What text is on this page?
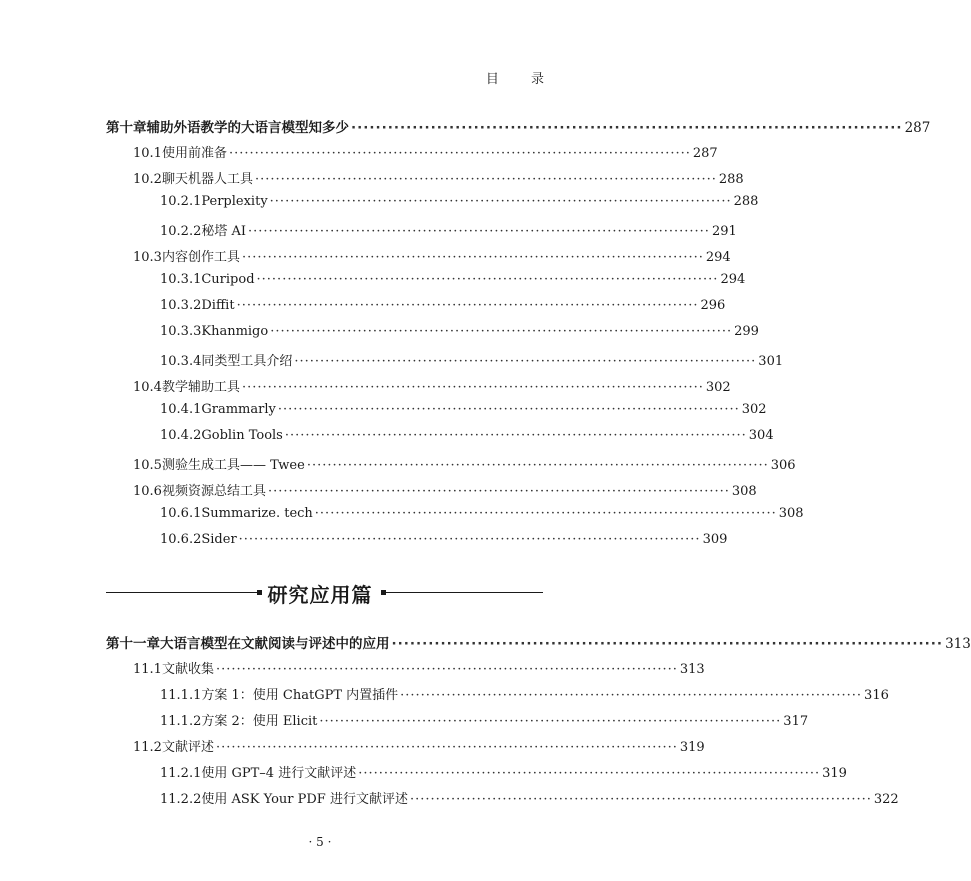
目 录
第十章 辅助外语教学的大语言模型知多少 ·························································································· 287
10.1 使用前准备 ·························································································· 287
10.2 聊天机器人工具 ·························································································· 288
10.2.1 Perplexity ·························································································· 288
10.2.2 秘塔 AI ·························································································· 291
10.3 内容创作工具 ·························································································· 294
10.3.1 Curipod ·························································································· 294
10.3.2 Diffit ·························································································· 296
10.3.3 Khanmigo ·························································································· 299
10.3.4 同类型工具介绍 ·························································································· 301
10.4 教学辅助工具 ·························································································· 302
10.4.1 Grammarly ·························································································· 302
10.4.2 Goblin Tools ·························································································· 304
10.5 测验生成工具—— Twee ·························································································· 306
10.6 视频资源总结工具 ·························································································· 308
10.6.1 Summarize. tech ·························································································· 308
10.6.2 Sider ·························································································· 309
研究应用篇
第十一章 大语言模型在文献阅读与评述中的应用 ·························································································· 313
11.1 文献收集 ·························································································· 313
11.1.1 方案 1：使用 ChatGPT 内置插件 ·························································································· 316
11.1.2 方案 2：使用 Elicit ·························································································· 317
11.2 文献评述 ·························································································· 319
11.2.1 使用 GPT–4 进行文献评述 ·························································································· 319
11.2.2 使用 ASK Your PDF 进行文献评述 ·························································································· 322
· 5 ·
